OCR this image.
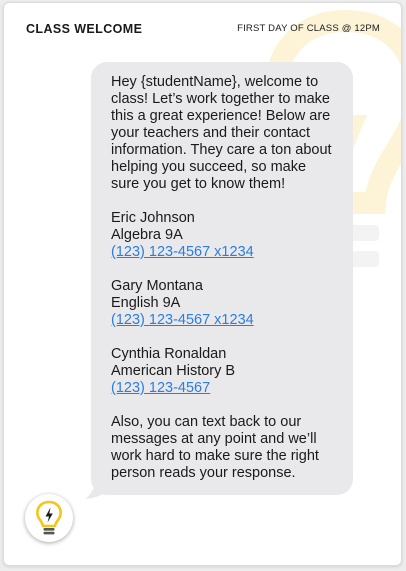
CLASS WELCOME	FIRST DAY OF CLASS @ 12PM

Hey {studentName}, welcome to class! Let’s work together to make this a great experience! Below are your teachers and their contact information. They care a ton about helping you succeed, so make sure you get to know them!

Eric Johnson
Algebra 9A
(123) 123-4567 x1234
Gary Montana
English 9A
(123) 123-4567 x1234
Cynthia Ronaldan
American History B
(123) 123-4567

Also, you can text back to our messages at any point and we’ll work hard to make sure the right person reads your response.
